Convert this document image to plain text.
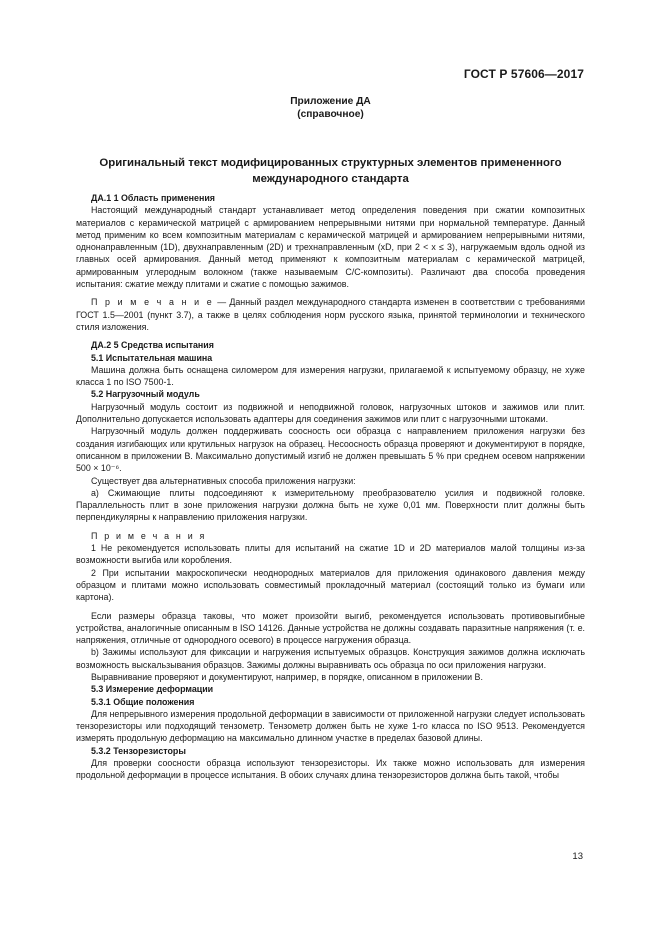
ГОСТ Р 57606—2017
Приложение ДА
(справочное)
Оригинальный текст модифицированных структурных элементов примененного международного стандарта

ДА.1 1 Область применения

Настоящий международный стандарт устанавливает метод определения поведения при сжатии композитных материалов с керамической матрицей с армированием непрерывными нитями при нормальной температуре. Данный метод применим ко всем композитным материалам с керамической матрицей и армированием непрерывными нитями, однонаправленным (1D), двухнаправленным (2D) и трехнаправленным (xD, при 2 < x ≤ 3), нагружаемым вдоль одной из главных осей армирования. Данный метод применяют к композитным материалам с керамической матрицей, армированным углеродным волокном (также называемым C/C-композиты). Различают два способа проведения испытания: сжатие между плитами и сжатие с помощью зажимов.

П р и м е ч а н и е — Данный раздел международного стандарта изменен в соответствии с требованиями ГОСТ 1.5—2001 (пункт 3.7), а также в целях соблюдения норм русского языка, принятой терминологии и технического стиля изложения.

ДА.2 5 Средства испытания

5.1 Испытательная машина

Машина должна быть оснащена силомером для измерения нагрузки, прилагаемой к испытуемому образцу, не хуже класса 1 по ISO 7500-1.

5.2 Нагрузочный модуль

Нагрузочный модуль состоит из подвижной и неподвижной головок, нагрузочных штоков и зажимов или плит. Дополнительно допускается использовать адаптеры для соединения зажимов или плит с нагрузочными штоками.

Нагрузочный модуль должен поддерживать соосность оси образца с направлением приложения нагрузки без создания изгибающих или крутильных нагрузок на образец. Несоосность образца проверяют и документируют в порядке, описанном в приложении В. Максимально допустимый изгиб не должен превышать 5 % при среднем осевом напряжении 500 × 10⁻⁶.

Существует два альтернативных способа приложения нагрузки:

a) Сжимающие плиты подсоединяют к измерительному преобразователю усилия и подвижной головке. Параллельность плит в зоне приложения нагрузки должна быть не хуже 0,01 мм. Поверхности плит должны быть перпендикулярны к направлению приложения нагрузки.

П р и м е ч а н и я

1 Не рекомендуется использовать плиты для испытаний на сжатие 1D и 2D материалов малой толщины из-за возможности выгиба или коробления.

2 При испытании макроскопически неоднородных материалов для приложения одинакового давления между образцом и плитами можно использовать совместимый прокладочный материал (состоящий только из бумаги или картона).

Если размеры образца таковы, что может произойти выгиб, рекомендуется использовать противовыгибные устройства, аналогичные описанным в ISO 14126. Данные устройства не должны создавать паразитные напряжения (т. е. напряжения, отличные от однородного осевого) в процессе нагружения образца.

b) Зажимы используют для фиксации и нагружения испытуемых образцов. Конструкция зажимов должна исключать возможность выскальзывания образцов. Зажимы должны выравнивать ось образца по оси приложения нагрузки.

Выравнивание проверяют и документируют, например, в порядке, описанном в приложении В.

5.3 Измерение деформации

5.3.1 Общие положения

Для непрерывного измерения продольной деформации в зависимости от приложенной нагрузки следует использовать тензорезисторы или подходящий тензометр. Тензометр должен быть не хуже 1-го класса по ISO 9513. Рекомендуется измерять продольную деформацию на максимально длинном участке в пределах базовой длины.

5.3.2 Тензорезисторы

Для проверки соосности образца используют тензорезисторы. Их также можно использовать для измерения продольной деформации в процессе испытания. В обоих случаях длина тензорезисторов должна быть такой, чтобы

13
